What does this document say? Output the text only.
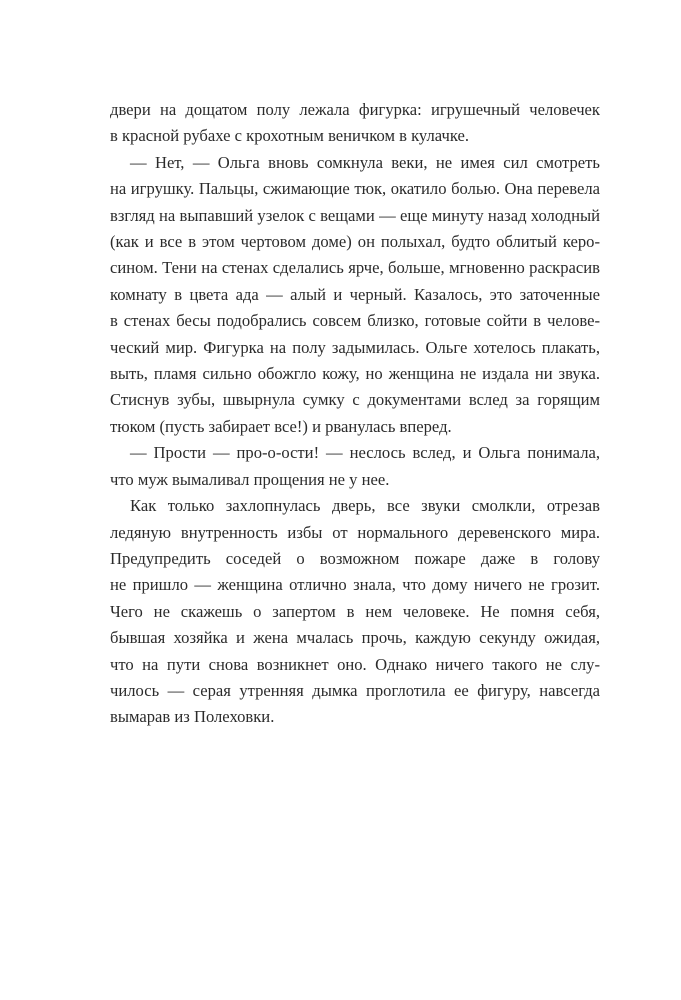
двери на дощатом полу лежала фигурка: игрушечный человечек
в красной рубахе с крохотным веничком в кулачке.
— Нет, — Ольга вновь сомкнула веки, не имея сил смотреть
на игрушку. Пальцы, сжимающие тюк, окатило болью. Она перевела
взгляд на выпавший узелок с вещами — еще минуту назад холодный
(как и все в этом чертовом доме) он полыхал, будто облитый керо-
сином. Тени на стенах сделались ярче, больше, мгновенно раскрасив
комнату в цвета ада — алый и черный. Казалось, это заточенные
в стенах бесы подобрались совсем близко, готовые сойти в челове-
ческий мир. Фигурка на полу задымилась. Ольге хотелось плакать,
выть, пламя сильно обожгло кожу, но женщина не издала ни звука.
Стиснув зубы, швырнула сумку с документами вслед за горящим
тюком (пусть забирает все!) и рванулась вперед.
— Прости — про-о-ости! — неслось вслед, и Ольга понимала,
что муж вымаливал прощения не у нее.
Как только захлопнулась дверь, все звуки смолкли, отрезав
ледяную внутренность избы от нормального деревенского мира.
Предупредить соседей о возможном пожаре даже в голову
не пришло — женщина отлично знала, что дому ничего не грозит.
Чего не скажешь о запертом в нем человеке. Не помня себя,
бывшая хозяйка и жена мчалась прочь, каждую секунду ожидая,
что на пути снова возникнет оно. Однако ничего такого не слу-
чилось — серая утренняя дымка проглотила ее фигуру, навсегда
вымарав из Полеховки.
